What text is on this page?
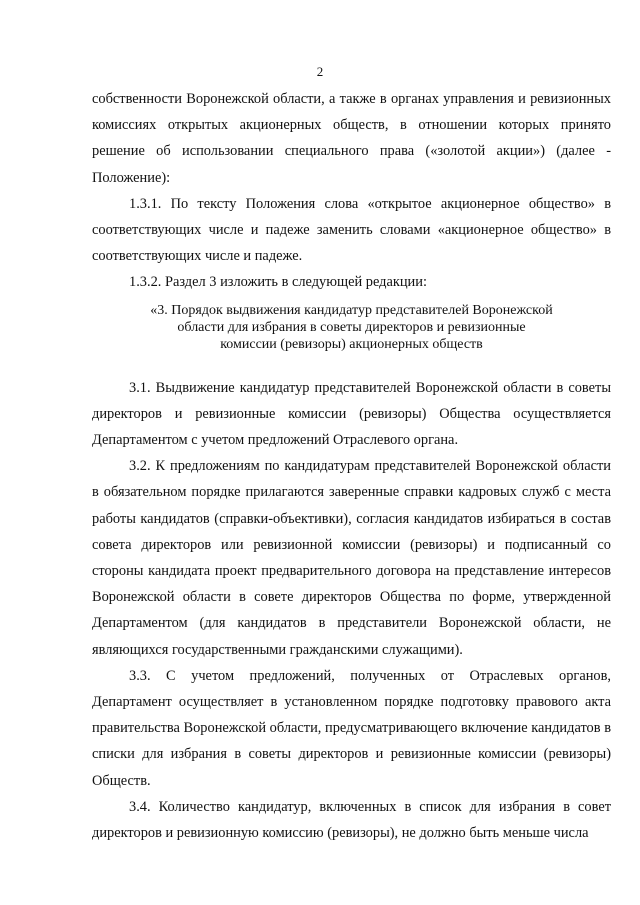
2

собственности Воронежской области, а также в органах управления и ревизионных комиссиях открытых акционерных обществ, в отношении которых принято решение об использовании специального права («золотой акции») (далее - Положение):

1.3.1. По тексту Положения слова «открытое акционерное общество» в соответствующих числе и падеже заменить словами «акционерное общество» в соответствующих числе и падеже.

1.3.2. Раздел 3 изложить в следующей редакции:

«3. Порядок выдвижения кандидатур представителей Воронежской
области для избрания в советы директоров и ревизионные
комиссии (ревизоры) акционерных обществ

3.1. Выдвижение кандидатур представителей Воронежской области в советы директоров и ревизионные комиссии (ревизоры) Общества осуществляется Департаментом с учетом предложений Отраслевого органа.

3.2. К предложениям по кандидатурам представителей Воронежской области в обязательном порядке прилагаются заверенные справки кадровых служб с места работы кандидатов (справки-объективки), согласия кандидатов избираться в состав совета директоров или ревизионной комиссии (ревизоры) и подписанный со стороны кандидата проект предварительного договора на представление интересов Воронежской области в совете директоров Общества по форме, утвержденной Департаментом (для кандидатов в представители Воронежской области, не являющихся государственными гражданскими служащими).

3.3. С учетом предложений, полученных от Отраслевых органов, Департамент осуществляет в установленном порядке подготовку правового акта правительства Воронежской области, предусматривающего включение кандидатов в списки для избрания в советы директоров и ревизионные комиссии (ревизоры) Обществ.

3.4. Количество кандидатур, включенных в список для избрания в совет директоров и ревизионную комиссию (ревизоры), не должно быть меньше числа
